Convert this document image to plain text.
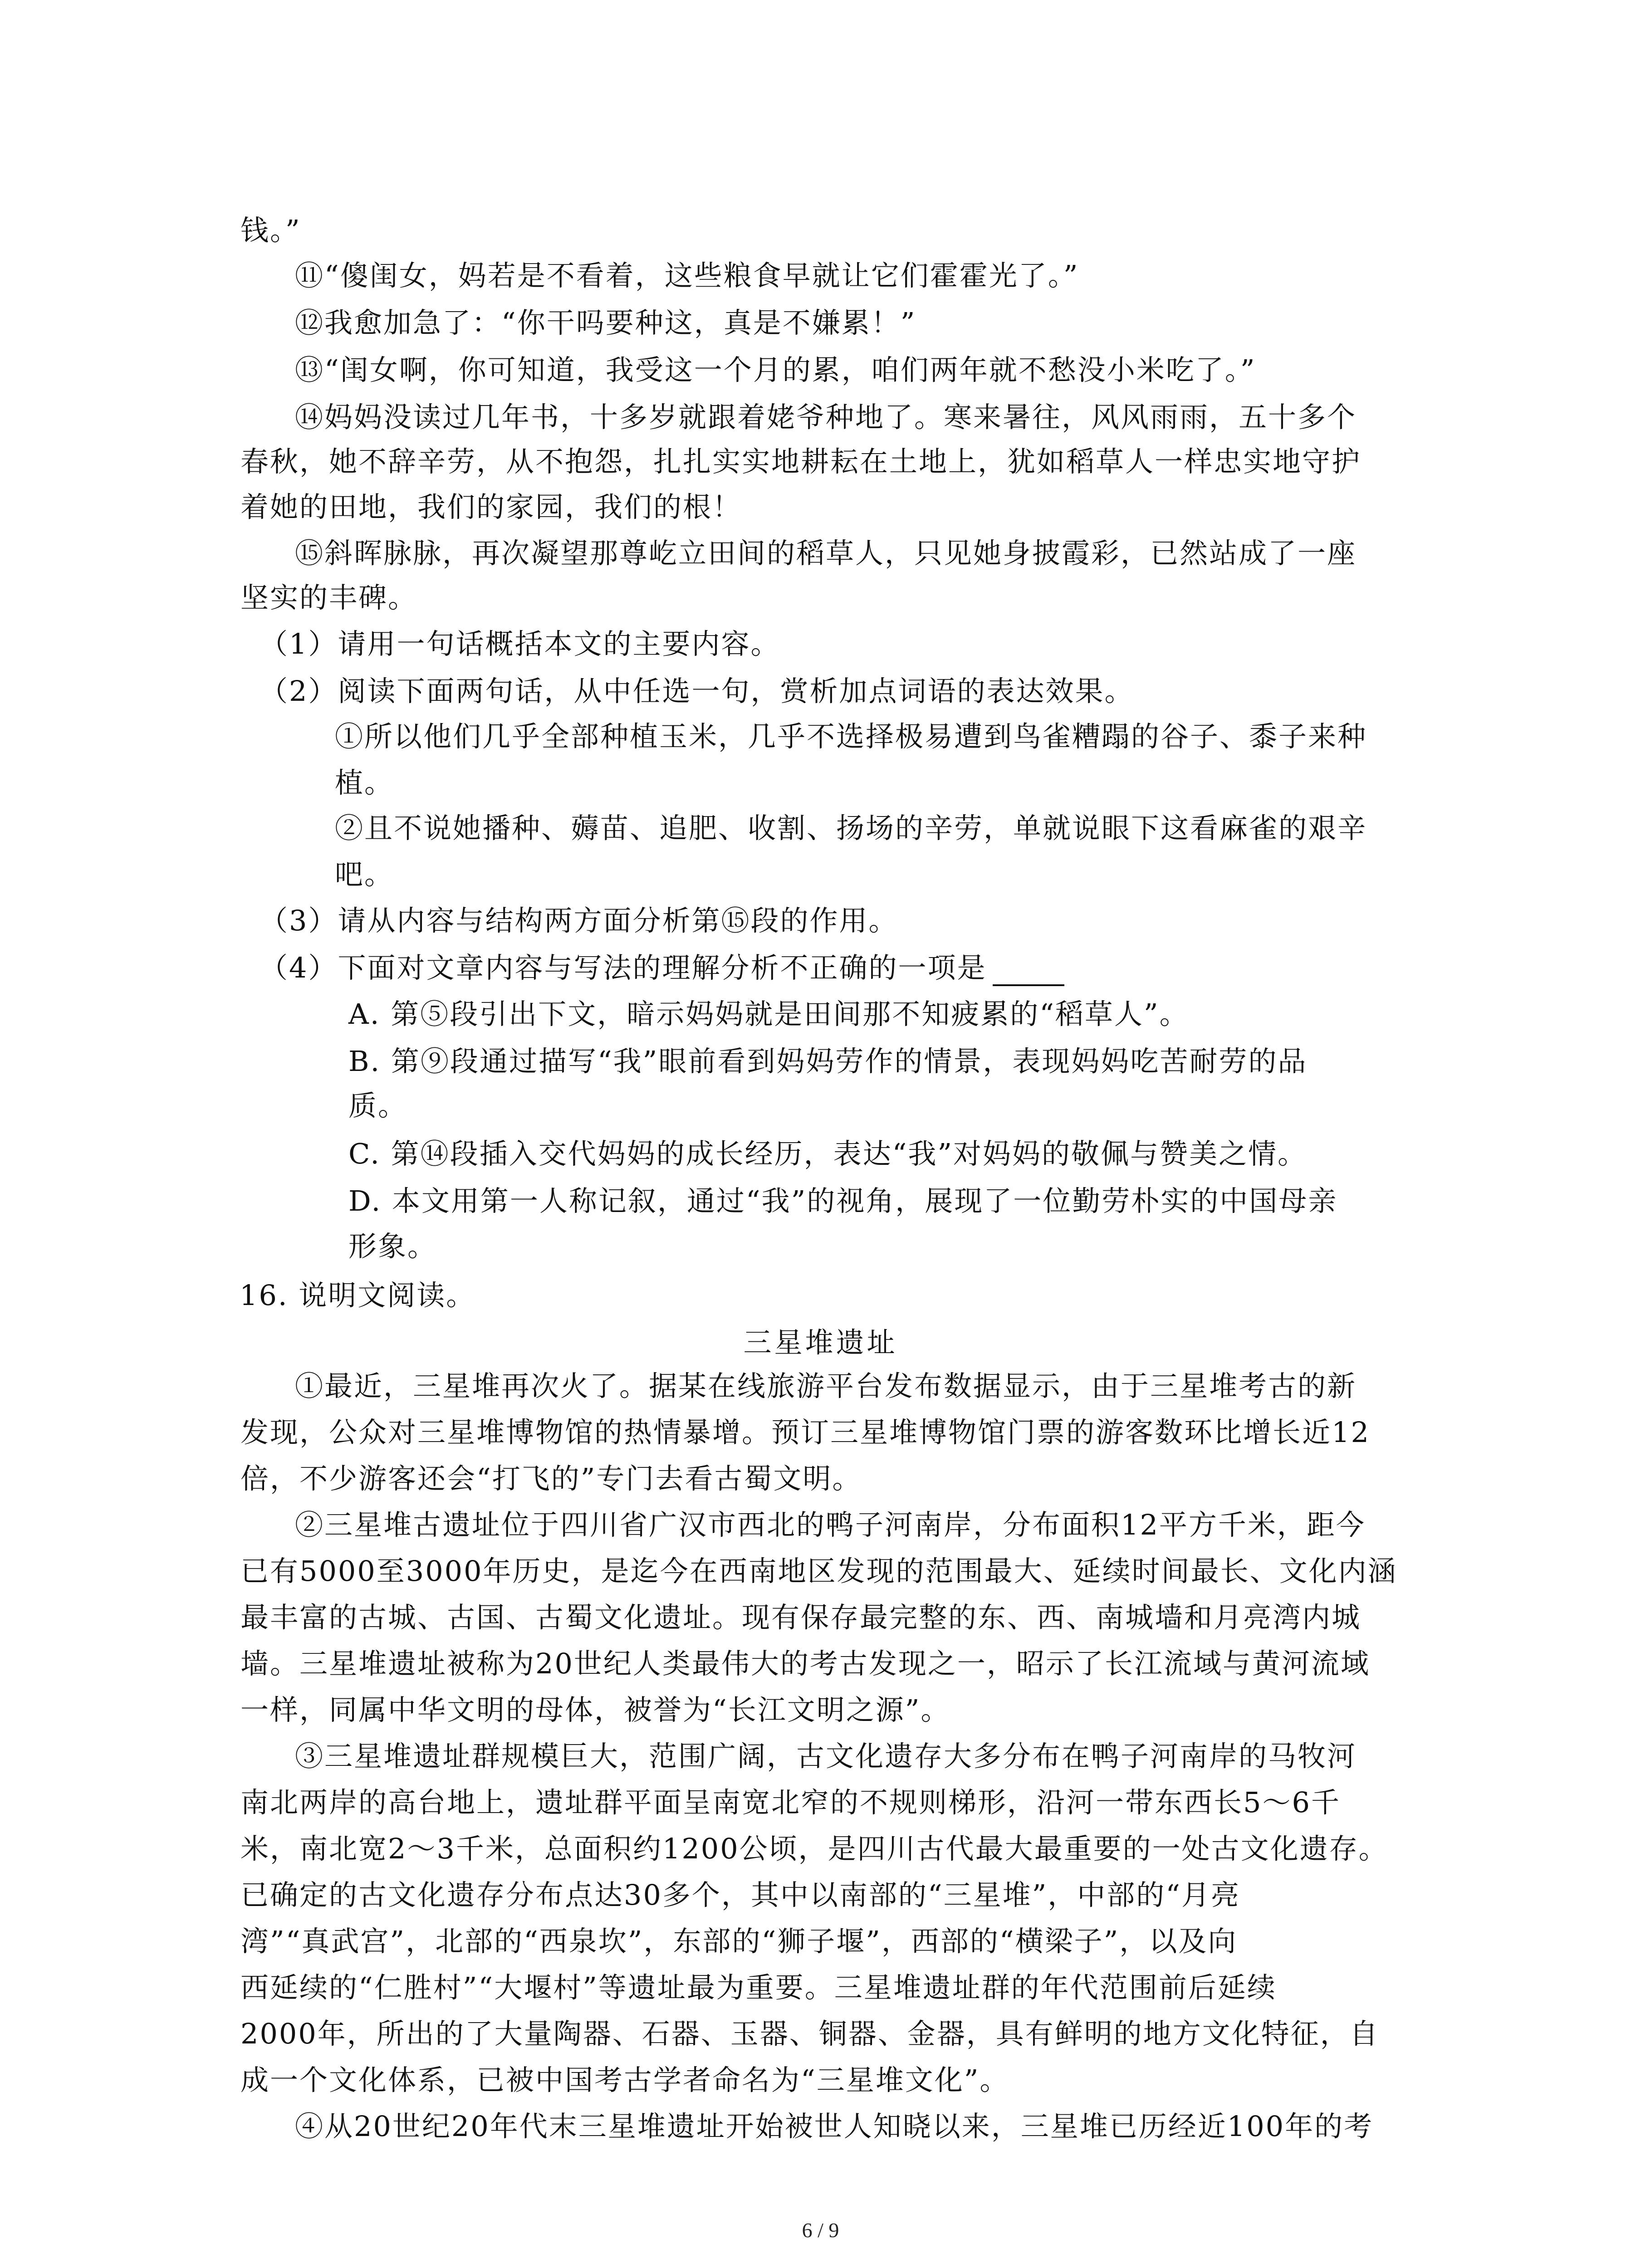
钱。”
⑪“傻闺女，妈若是不看着，这些粮食早就让它们霍霍光了。”
⑫我愈加急了：“你干吗要种这，真是不嫌累！”
⑬“闺女啊，你可知道，我受这一个月的累，咱们两年就不愁没小米吃了。”
⑭妈妈没读过几年书，十多岁就跟着姥爷种地了。寒来暑往，风风雨雨，五十多个
春秋，她不辞辛劳，从不抱怨，扎扎实实地耕耘在土地上，犹如稻草人一样忠实地守护
着她的田地，我们的家园，我们的根！
⑮斜晖脉脉，再次凝望那尊屹立田间的稻草人，只见她身披霞彩，已然站成了一座
坚实的丰碑。
（1）请用一句话概括本文的主要内容。
（2）阅读下面两句话，从中任选一句，赏析加点词语的表达效果。
①所以他们几乎全部种植玉米，几乎不选择极易遭到鸟雀糟蹋的谷子、黍子来种
植。
②且不说她播种、薅苗、追肥、收割、扬场的辛劳，单就说眼下这看麻雀的艰辛
吧。
（3）请从内容与结构两方面分析第⑮段的作用。
（4）下面对文章内容与写法的理解分析不正确的一项是
A. 第⑤段引出下文，暗示妈妈就是田间那不知疲累的“稻草人”。
B. 第⑨段通过描写“我”眼前看到妈妈劳作的情景，表现妈妈吃苦耐劳的品
质。
C. 第⑭段插入交代妈妈的成长经历，表达“我”对妈妈的敬佩与赞美之情。
D. 本文用第一人称记叙，通过“我”的视角，展现了一位勤劳朴实的中国母亲
形象。
16. 说明文阅读。
三星堆遗址
①最近，三星堆再次火了。据某在线旅游平台发布数据显示，由于三星堆考古的新
发现，公众对三星堆博物馆的热情暴增。预订三星堆博物馆门票的游客数环比增长近12
倍，不少游客还会“打飞的”专门去看古蜀文明。
②三星堆古遗址位于四川省广汉市西北的鸭子河南岸，分布面积12平方千米，距今
已有5000至3000年历史，是迄今在西南地区发现的范围最大、延续时间最长、文化内涵
最丰富的古城、古国、古蜀文化遗址。现有保存最完整的东、西、南城墙和月亮湾内城
墙。三星堆遗址被称为20世纪人类最伟大的考古发现之一，昭示了长江流域与黄河流域
一样，同属中华文明的母体，被誉为“长江文明之源”。
③三星堆遗址群规模巨大，范围广阔，古文化遗存大多分布在鸭子河南岸的马牧河
南北两岸的高台地上，遗址群平面呈南宽北窄的不规则梯形，沿河一带东西长5～6千
米，南北宽2～3千米，总面积约1200公顷，是四川古代最大最重要的一处古文化遗存。
已确定的古文化遗存分布点达30多个，其中以南部的“三星堆”，中部的“月亮
湾”“真武宫”，北部的“西泉坎”，东部的“狮子堰”，西部的“横梁子”，以及向
西延续的“仁胜村”“大堰村”等遗址最为重要。三星堆遗址群的年代范围前后延续
2000年，所出的了大量陶器、石器、玉器、铜器、金器，具有鲜明的地方文化特征，自
成一个文化体系，已被中国考古学者命名为“三星堆文化”。
④从20世纪20年代末三星堆遗址开始被世人知晓以来，三星堆已历经近100年的考
6 / 9
